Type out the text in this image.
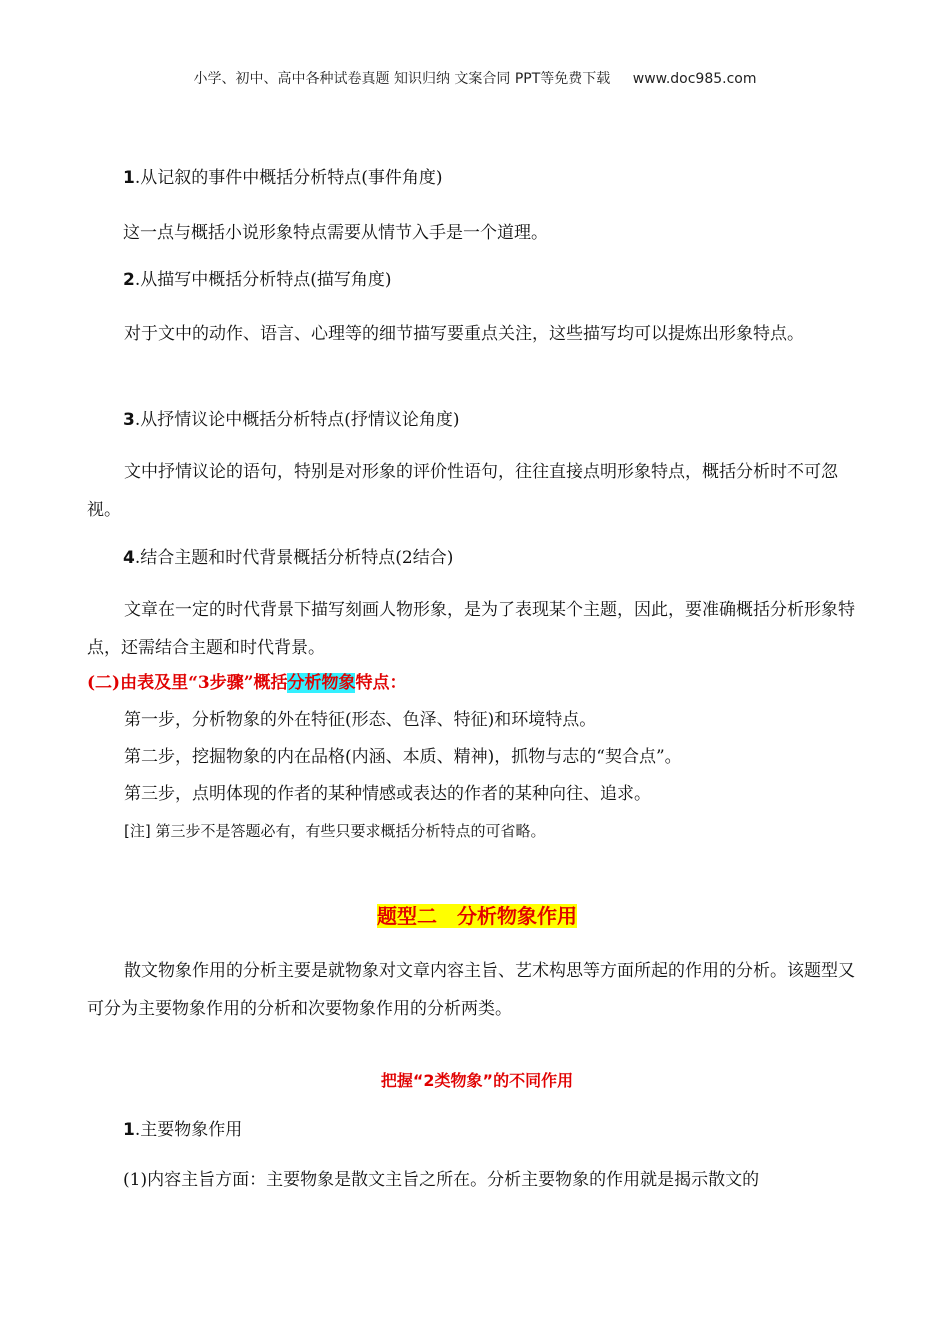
小学、初中、高中各种试卷真题 知识归纳 文案合同 PPT等免费下载 www.doc985.com
1.从记叙的事件中概括分析特点(事件角度)
这一点与概括小说形象特点需要从情节入手是一个道理。
2.从描写中概括分析特点(描写角度)
对于文中的动作、语言、心理等的细节描写要重点关注，这些描写均可以提炼出形象特点。
3.从抒情议论中概括分析特点(抒情议论角度)
文中抒情议论的语句，特别是对形象的评价性语句，往往直接点明形象特点，概括分析时不可忽视。
4.结合主题和时代背景概括分析特点(2结合)
文章在一定的时代背景下描写刻画人物形象，是为了表现某个主题，因此，要准确概括分析形象特点，还需结合主题和时代背景。
(二)由表及里“3步骤”概括分析物象特点：
第一步，分析物象的外在特征(形态、色泽、特征)和环境特点。
第二步，挖掘物象的内在品格(内涵、本质、精神)，抓物与志的“契合点”。
第三步，点明体现的作者的某种情感或表达的作者的某种向往、追求。
[注] 第三步不是答题必有，有些只要求概括分析特点的可省略。
题型二　分析物象作用
散文物象作用的分析主要是就物象对文章内容主旨、艺术构思等方面所起的作用的分析。该题型又可分为主要物象作用的分析和次要物象作用的分析两类。
把握“2类物象”的不同作用
1.主要物象作用
(1)内容主旨方面：主要物象是散文主旨之所在。分析主要物象的作用就是揭示散文的
